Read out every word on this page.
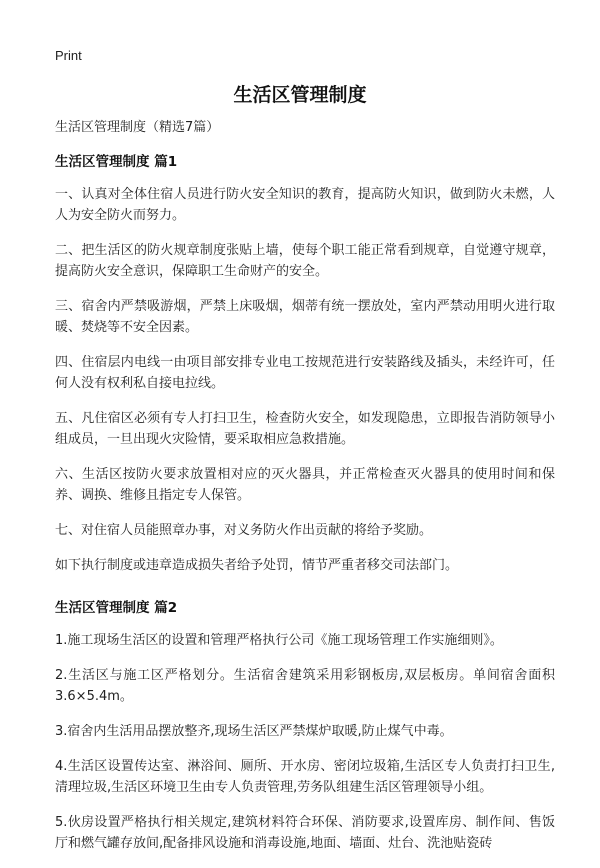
Print
生活区管理制度

生活区管理制度（精选7篇）

生活区管理制度 篇1

一、认真对全体住宿人员进行防火安全知识的教育，提高防火知识，做到防火未燃，人人为安全防火而努力。

二、把生活区的防火规章制度张贴上墙，使每个职工能正常看到规章，自觉遵守规章，提高防火安全意识，保障职工生命财产的安全。

三、宿舍内严禁吸游烟，严禁上床吸烟，烟蒂有统一摆放处，室内严禁动用明火进行取暖、焚烧等不安全因素。

四、住宿层内电线一由项目部安排专业电工按规范进行安装路线及插头，未经许可，任何人没有权利私自接电拉线。

五、凡住宿区必须有专人打扫卫生，检查防火安全，如发现隐患，立即报告消防领导小组成员，一旦出现火灾险情，要采取相应急救措施。

六、生活区按防火要求放置相对应的灭火器具，并正常检查灭火器具的使用时间和保养、调换、维修且指定专人保管。

七、对住宿人员能照章办事，对义务防火作出贡献的将给予奖励。

如下执行制度或违章造成损失者给予处罚，情节严重者移交司法部门。

生活区管理制度 篇2

1.施工现场生活区的设置和管理严格执行公司《施工现场管理工作实施细则》。

2.生活区与施工区严格划分。生活宿舍建筑采用彩钢板房,双层板房。单间宿舍面积3.6×5.4m。

3.宿舍内生活用品摆放整齐,现场生活区严禁煤炉取暖,防止煤气中毒。

4.生活区设置传达室、淋浴间、厕所、开水房、密闭垃圾箱,生活区专人负责打扫卫生,清理垃圾,生活区环境卫生由专人负责管理,劳务队组建生活区管理领导小组。

5.伙房设置严格执行相关规定,建筑材料符合环保、消防要求,设置库房、制作间、售饭厅和燃气罐存放间,配备排风设施和消毒设施,地面、墙面、灶台、洗池贴瓷砖
